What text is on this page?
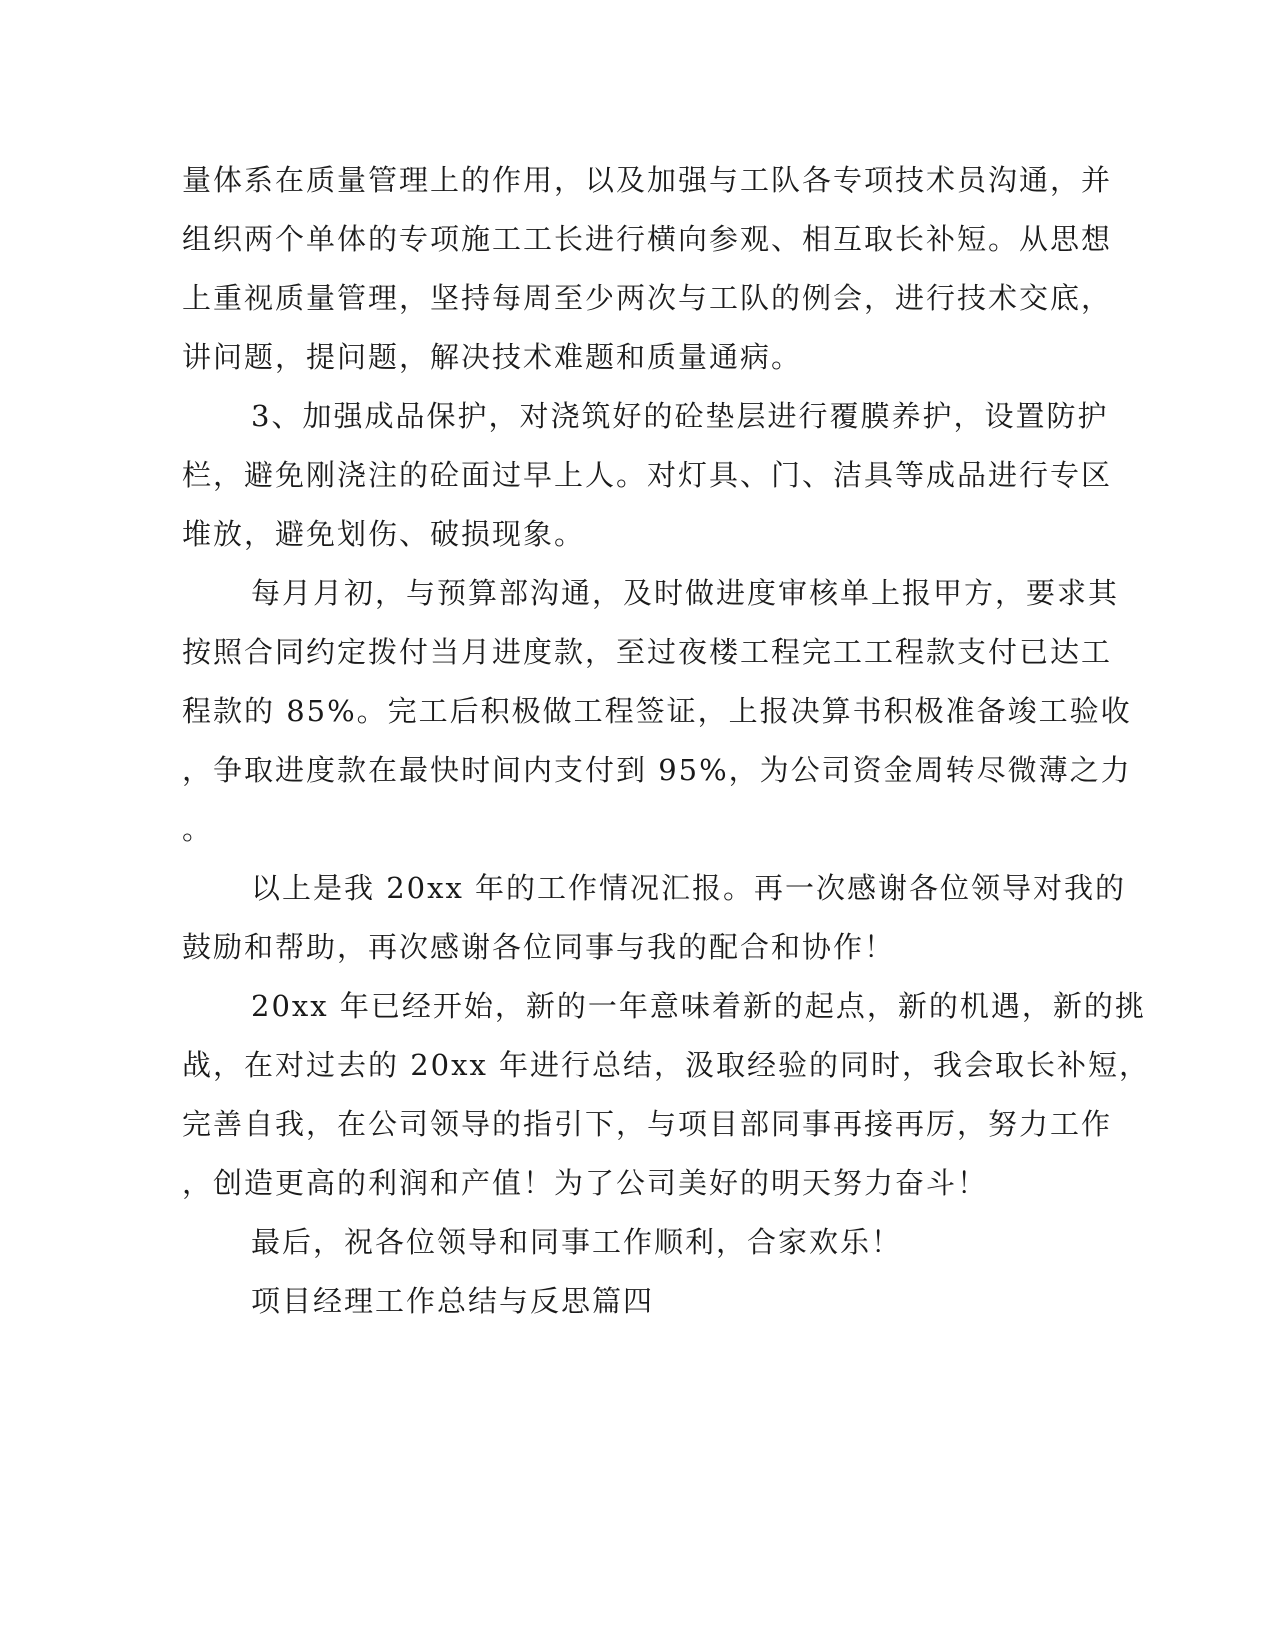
量体系在质量管理上的作用，以及加强与工队各专项技术员沟通，并
组织两个单体的专项施工工长进行横向参观、相互取长补短。从思想
上重视质量管理，坚持每周至少两次与工队的例会，进行技术交底，
讲问题，提问题，解决技术难题和质量通病。
3、加强成品保护，对浇筑好的砼垫层进行覆膜养护，设置防护
栏，避免刚浇注的砼面过早上人。对灯具、门、洁具等成品进行专区
堆放，避免划伤、破损现象。
每月月初，与预算部沟通，及时做进度审核单上报甲方，要求其
按照合同约定拨付当月进度款，至过夜楼工程完工工程款支付已达工
程款的 85%。完工后积极做工程签证，上报决算书积极准备竣工验收
，争取进度款在最快时间内支付到 95%，为公司资金周转尽微薄之力
。
以上是我 20xx 年的工作情况汇报。再一次感谢各位领导对我的
鼓励和帮助，再次感谢各位同事与我的配合和协作！
20xx 年已经开始，新的一年意味着新的起点，新的机遇，新的挑
战，在对过去的 20xx 年进行总结，汲取经验的同时，我会取长补短，
完善自我，在公司领导的指引下，与项目部同事再接再厉，努力工作
，创造更高的利润和产值！为了公司美好的明天努力奋斗！
最后，祝各位领导和同事工作顺利，合家欢乐！
项目经理工作总结与反思篇四
